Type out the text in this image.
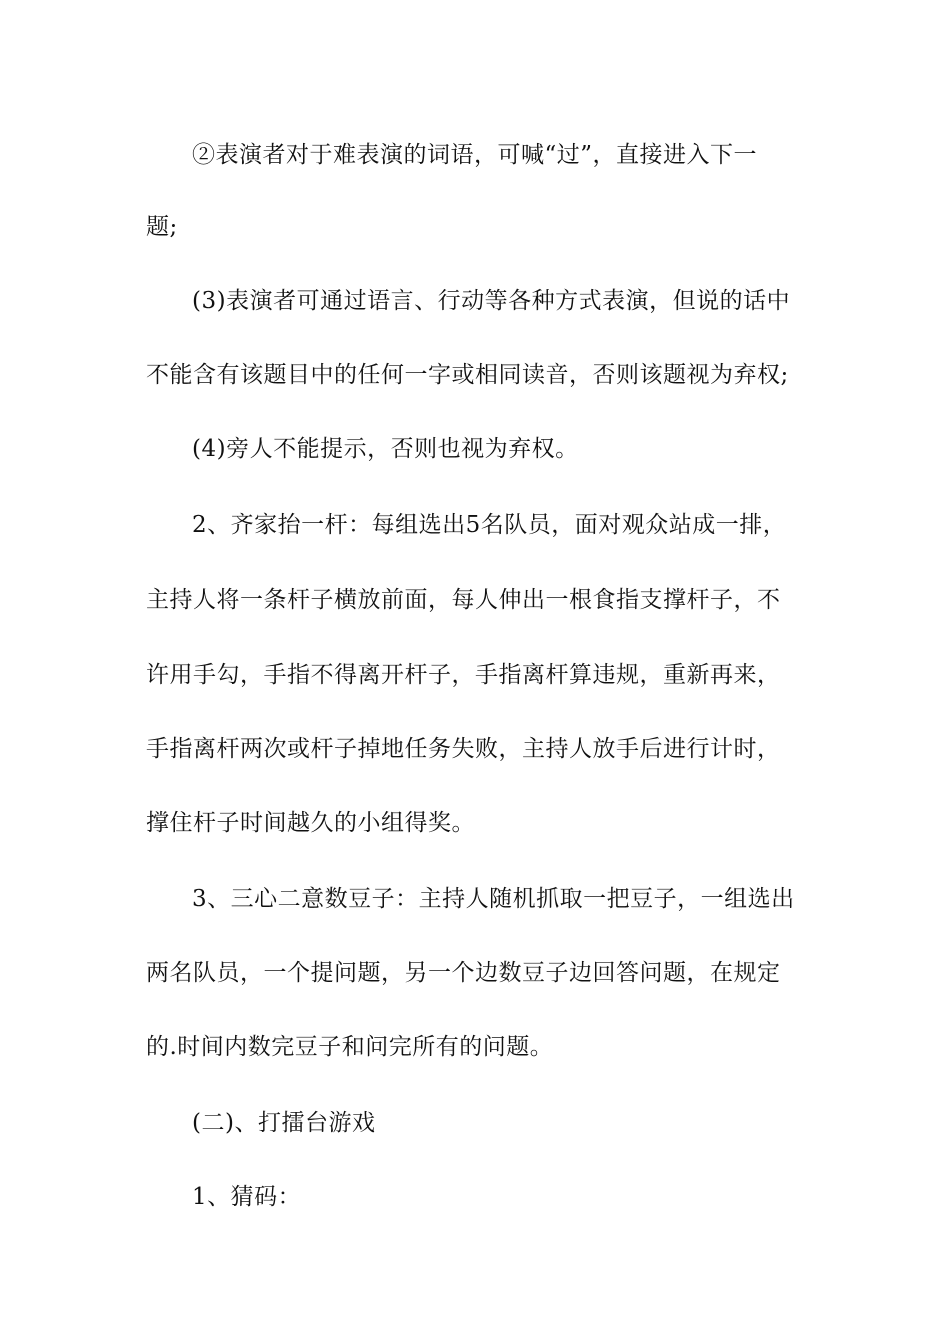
②表演者对于难表演的词语，可喊“过”，直接进入下一
题;
(3)表演者可通过语言、行动等各种方式表演，但说的话中
不能含有该题目中的任何一字或相同读音，否则该题视为弃权;
(4)旁人不能提示，否则也视为弃权。
2、齐家抬一杆：每组选出5名队员，面对观众站成一排，
主持人将一条杆子横放前面，每人伸出一根食指支撑杆子，不
许用手勾，手指不得离开杆子，手指离杆算违规，重新再来，
手指离杆两次或杆子掉地任务失败，主持人放手后进行计时，
撑住杆子时间越久的小组得奖。
3、三心二意数豆子：主持人随机抓取一把豆子，一组选出
两名队员，一个提问题，另一个边数豆子边回答问题，在规定
的.时间内数完豆子和问完所有的问题。
(二)、打擂台游戏
1、猜码：
